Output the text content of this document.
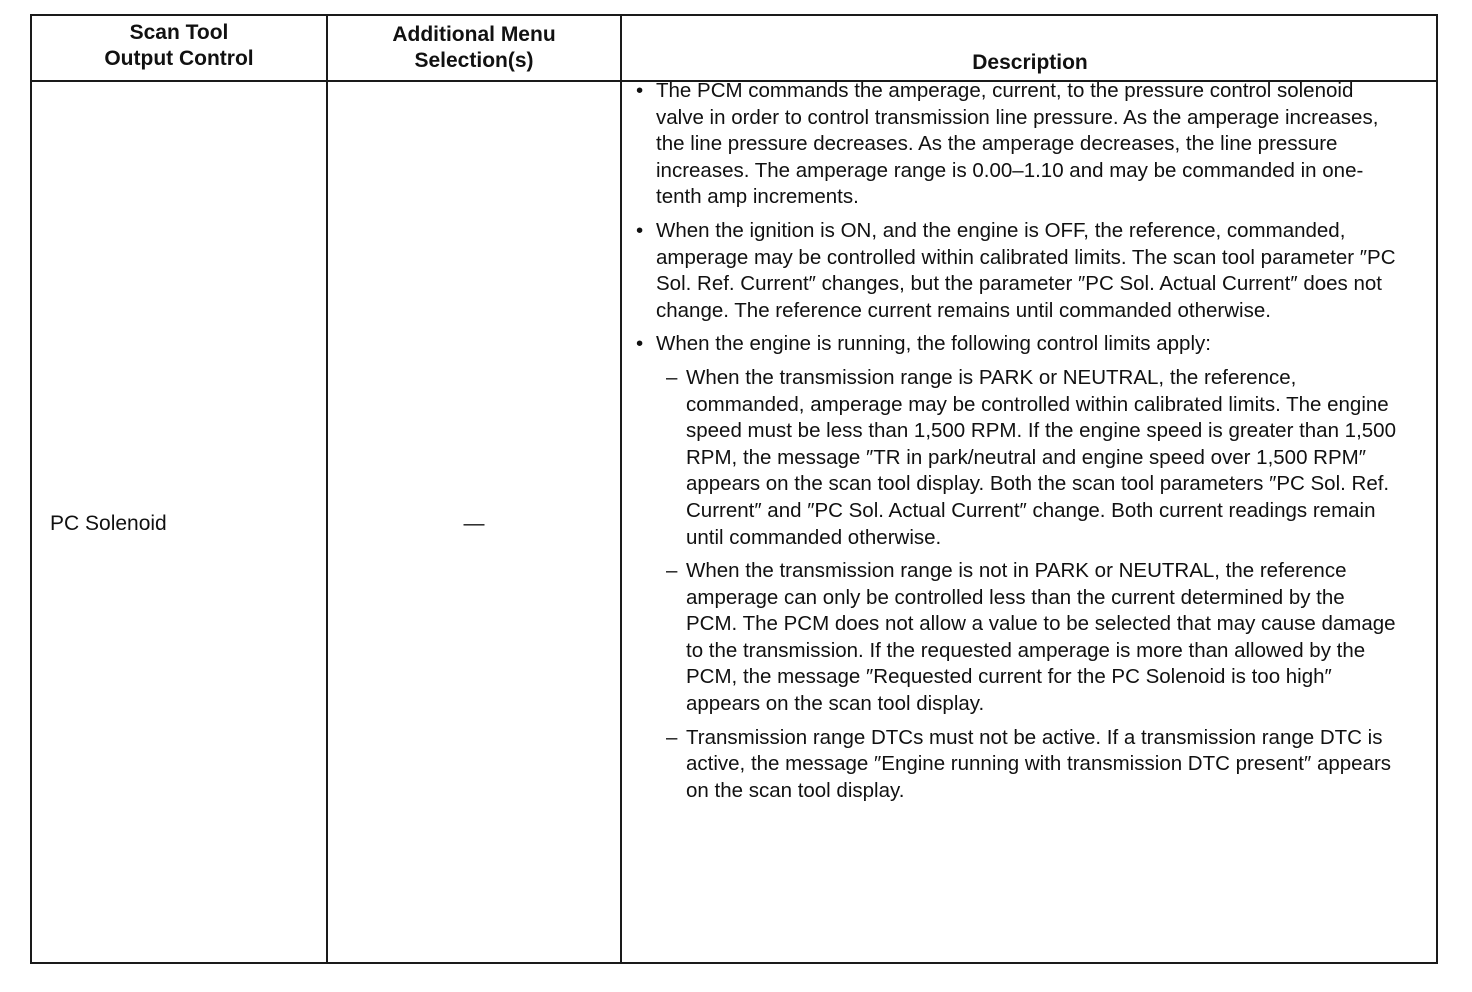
Scan Tool
Output Control
Additional Menu
Selection(s)	Description
PC Solenoid	—
• The PCM commands the amperage, current, to the pressure control solenoid valve in order to control transmission line pressure. As the amperage increases, the line pressure decreases. As the amperage decreases, the line pressure increases. The amperage range is 0.00–1.10 and may be commanded in one-tenth amp increments.
• When the ignition is ON, and the engine is OFF, the reference, commanded, amperage may be controlled within calibrated limits. The scan tool parameter ″PC Sol. Ref. Current″ changes, but the parameter ″PC Sol. Actual Current″ does not change. The reference current remains until commanded otherwise.
• When the engine is running, the following control limits apply:
– When the transmission range is PARK or NEUTRAL, the reference, commanded, amperage may be controlled within calibrated limits. The engine speed must be less than 1,500 RPM. If the engine speed is greater than 1,500 RPM, the message ″TR in park/neutral and engine speed over 1,500 RPM″ appears on the scan tool display. Both the scan tool parameters ″PC Sol. Ref. Current″ and ″PC Sol. Actual Current″ change. Both current readings remain until commanded otherwise.
– When the transmission range is not in PARK or NEUTRAL, the reference amperage can only be controlled less than the current determined by the PCM. The PCM does not allow a value to be selected that may cause damage to the transmission. If the requested amperage is more than allowed by the PCM, the message ″Requested current for the PC Solenoid is too high″ appears on the scan tool display.
– Transmission range DTCs must not be active. If a transmission range DTC is active, the message ″Engine running with transmission DTC present″ appears on the scan tool display.
